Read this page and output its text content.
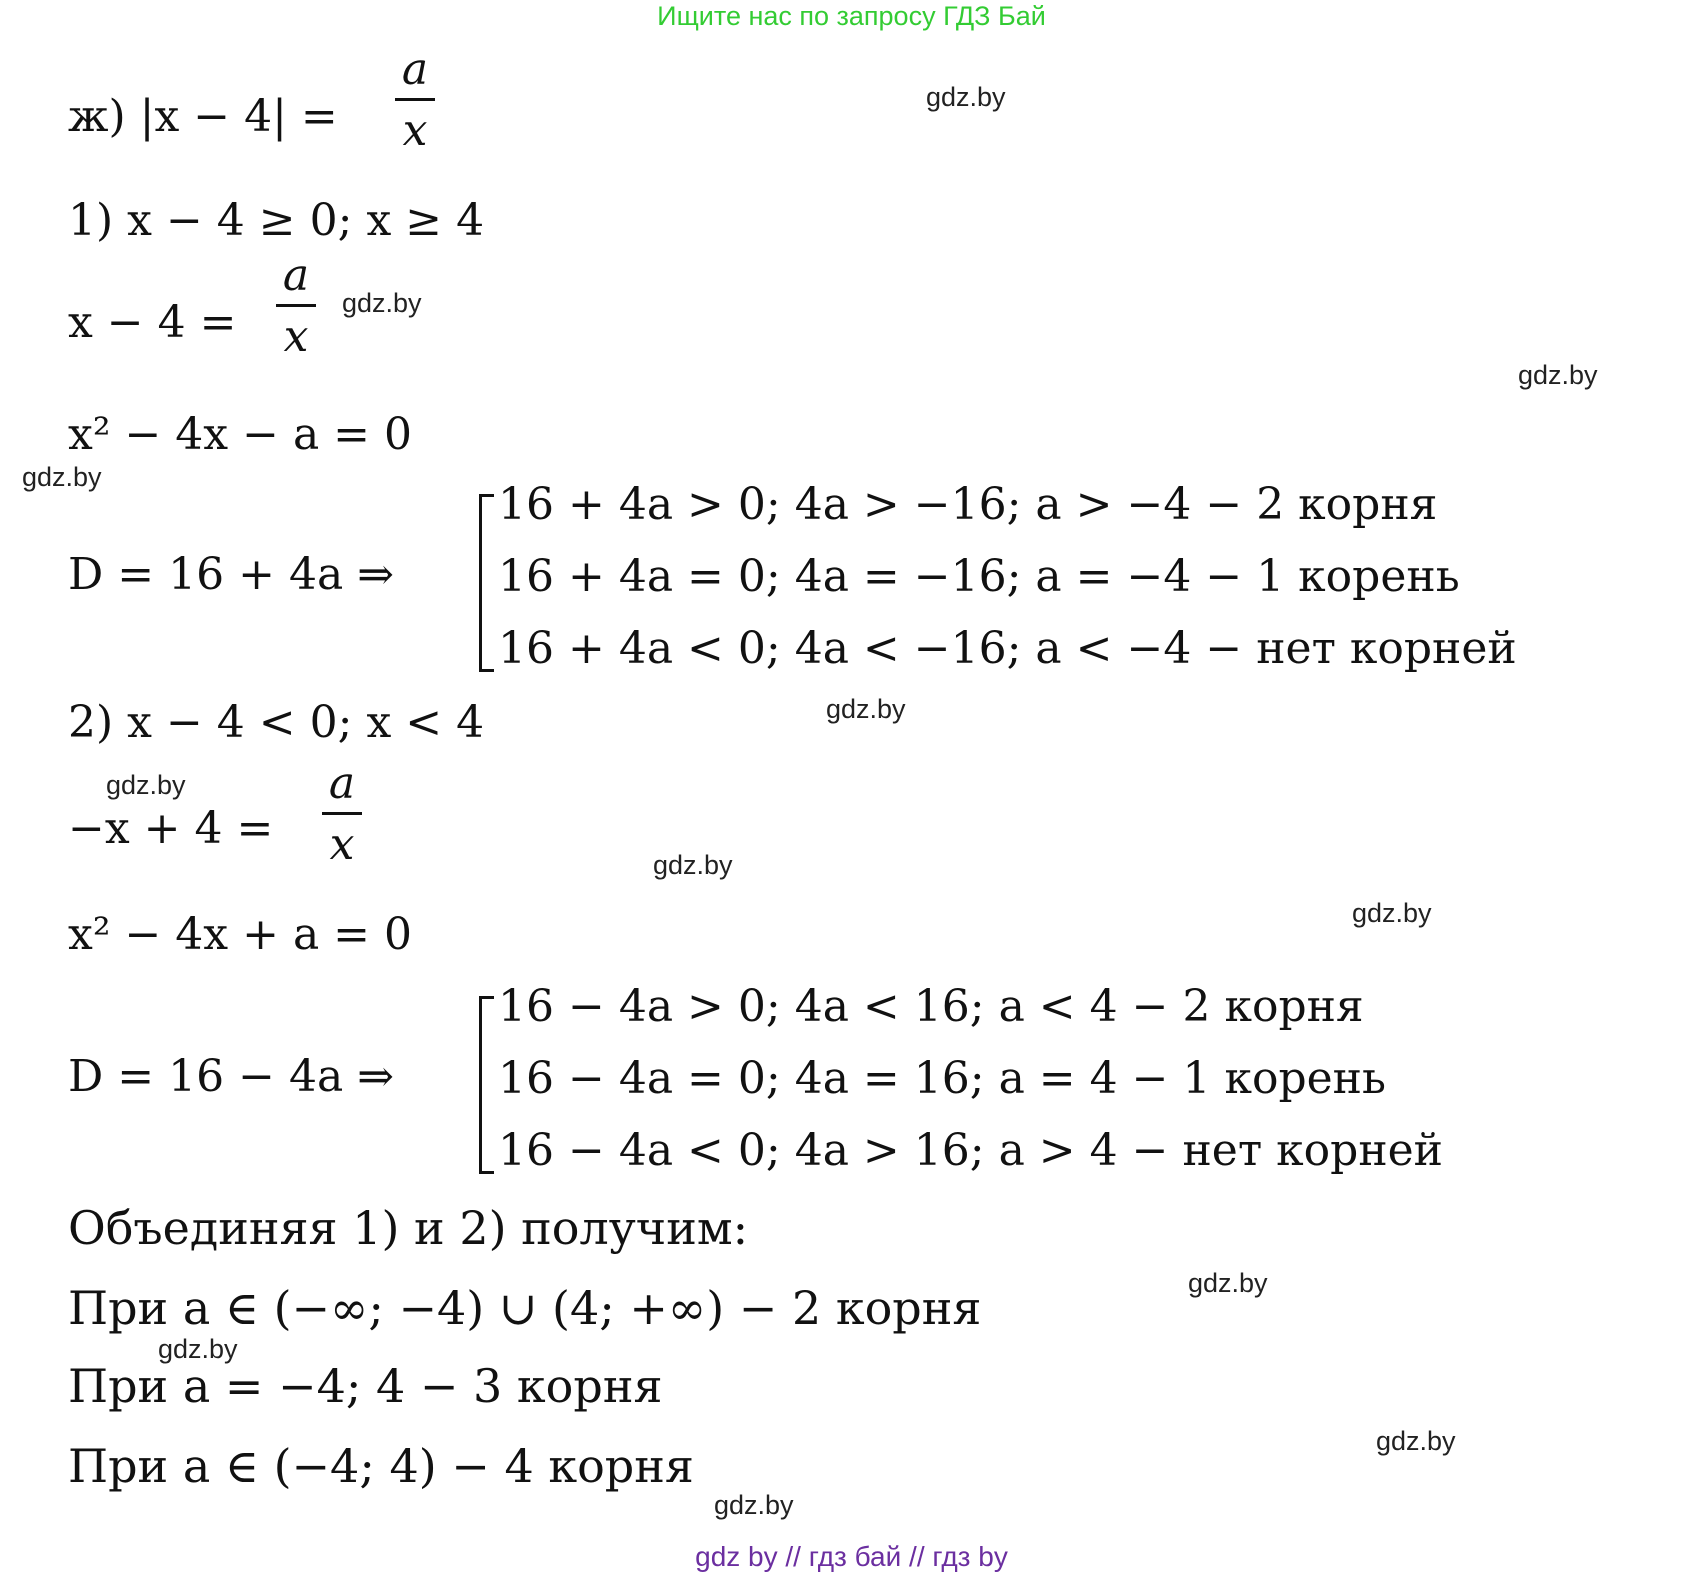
Ищите нас по запросу ГДЗ Бай
ж) |x − 4| =
a
x
1) x − 4 ≥ 0; x ≥ 4
x − 4 =
a
x
x² − 4x − a = 0
D = 16 + 4a ⇒
16 + 4a > 0; 4a > −16; a > −4 − 2 корня
16 + 4a = 0; 4a = −16; a = −4 − 1 корень
16 + 4a < 0; 4a < −16; a < −4 − нет корней
2) x − 4 < 0; x < 4
−x + 4 =
a
x
x² − 4x + a = 0
D = 16 − 4a ⇒
16 − 4a > 0; 4a < 16; a < 4 − 2 корня
16 − 4a = 0; 4a = 16; a = 4 − 1 корень
16 − 4a < 0; 4a > 16; a > 4 − нет корней
Объединяя 1) и 2) получим:
При a ∈ (−∞; −4) ∪ (4; +∞) − 2 корня
При a = −4; 4 − 3 корня
При a ∈ (−4; 4) − 4 корня
gdz.by
gdz.by
gdz.by
gdz.by
gdz.by
gdz.by
gdz.by
gdz.by
gdz.by
gdz.by
gdz.by
gdz.by
gdz by // гдз бай // гдз by
